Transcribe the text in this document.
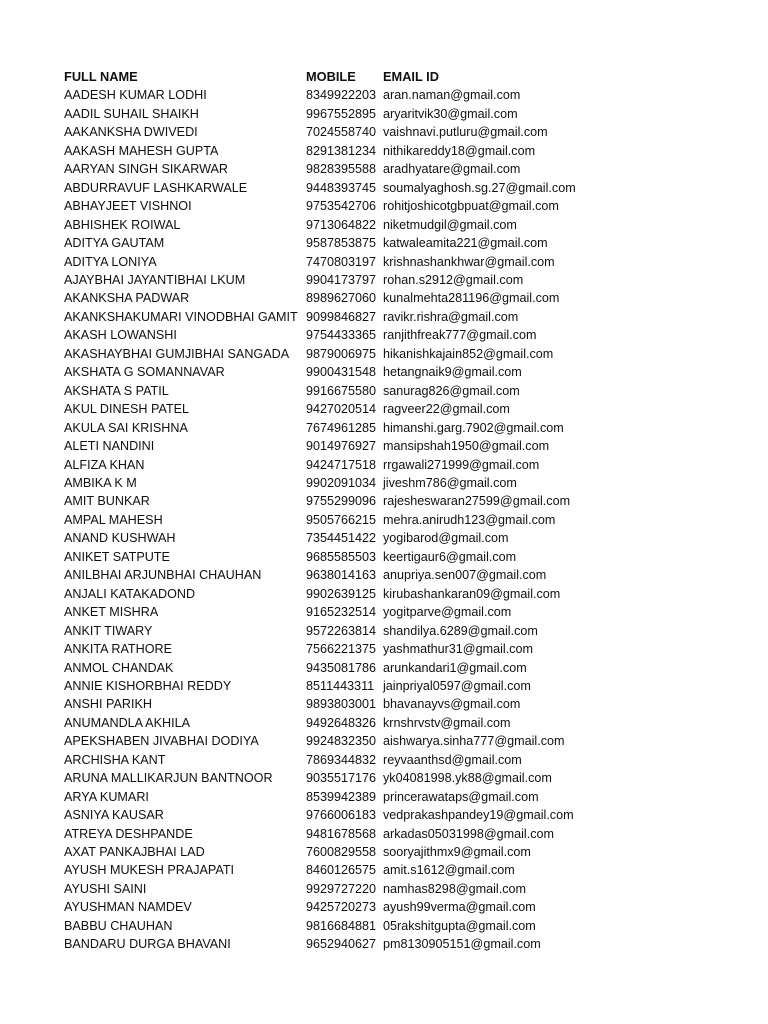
FULL NAME	MOBILE	EMAIL ID
AADESH KUMAR LODHI	8349922203	aran.naman@gmail.com
AADIL SUHAIL SHAIKH	9967552895	aryaritvik30@gmail.com
AAKANKSHA DWIVEDI	7024558740	vaishnavi.putluru@gmail.com
AAKASH MAHESH GUPTA	8291381234	nithikareddy18@gmail.com
AARYAN SINGH SIKARWAR	9828395588	aradhyatare@gmail.com
ABDURRAVUF LASHKARWALE	9448393745	soumalyaghosh.sg.27@gmail.com
ABHAYJEET VISHNOI	9753542706	rohitjoshicotgbpuat@gmail.com
ABHISHEK ROIWAL	9713064822	niketmudgil@gmail.com
ADITYA GAUTAM	9587853875	katwaleamita221@gmail.com
ADITYA LONIYA	7470803197	krishnashankhwar@gmail.com
AJAYBHAI JAYANTIBHAI LKUM	9904173797	rohan.s2912@gmail.com
AKANKSHA PADWAR	8989627060	kunalmehta281196@gmail.com
AKANKSHAKUMARI VINODBHAI GAMIT	9099846827	ravikr.rishra@gmail.com
AKASH LOWANSHI	9754433365	ranjithfreak777@gmail.com
AKASHAYBHAI GUMJIBHAI SANGADA	9879006975	hikanishkajain852@gmail.com
AKSHATA G SOMANNAVAR	9900431548	hetangnaik9@gmail.com
AKSHATA S PATIL	9916675580	sanurag826@gmail.com
AKUL DINESH PATEL	9427020514	ragveer22@gmail.com
AKULA SAI KRISHNA	7674961285	himanshi.garg.7902@gmail.com
ALETI NANDINI	9014976927	mansipshah1950@gmail.com
ALFIZA KHAN	9424717518	rrgawali271999@gmail.com
AMBIKA K M	9902091034	jiveshm786@gmail.com
AMIT BUNKAR	9755299096	rajesheswaran27599@gmail.com
AMPAL MAHESH	9505766215	mehra.anirudh123@gmail.com
ANAND KUSHWAH	7354451422	yogibarod@gmail.com
ANIKET SATPUTE	9685585503	keertigaur6@gmail.com
ANILBHAI ARJUNBHAI CHAUHAN	9638014163	anupriya.sen007@gmail.com
ANJALI KATAKADOND	9902639125	kirubashankaran09@gmail.com
ANKET MISHRA	9165232514	yogitparve@gmail.com
ANKIT TIWARY	9572263814	shandilya.6289@gmail.com
ANKITA RATHORE	7566221375	yashmathur31@gmail.com
ANMOL CHANDAK	9435081786	arunkandari1@gmail.com
ANNIE KISHORBHAI REDDY	8511443311	jainpriyal0597@gmail.com
ANSHI PARIKH	9893803001	bhavanayvs@gmail.com
ANUMANDLA AKHILA	9492648326	krnshrvstv@gmail.com
APEKSHABEN JIVABHAI DODIYA	9924832350	aishwarya.sinha777@gmail.com
ARCHISHA KANT	7869344832	reyvaanthsd@gmail.com
ARUNA MALLIKARJUN BANTNOOR	9035517176	yk04081998.yk88@gmail.com
ARYA KUMARI	8539942389	princerawataps@gmail.com
ASNIYA KAUSAR	9766006183	vedprakashpandey19@gmail.com
ATREYA DESHPANDE	9481678568	arkadas05031998@gmail.com
AXAT PANKAJBHAI LAD	7600829558	sooryajithmx9@gmail.com
AYUSH MUKESH PRAJAPATI	8460126575	amit.s1612@gmail.com
AYUSHI SAINI	9929727220	namhas8298@gmail.com
AYUSHMAN NAMDEV	9425720273	ayush99verma@gmail.com
BABBU CHAUHAN	9816684881	05rakshitgupta@gmail.com
BANDARU DURGA BHAVANI	9652940627	pm8130905151@gmail.com
